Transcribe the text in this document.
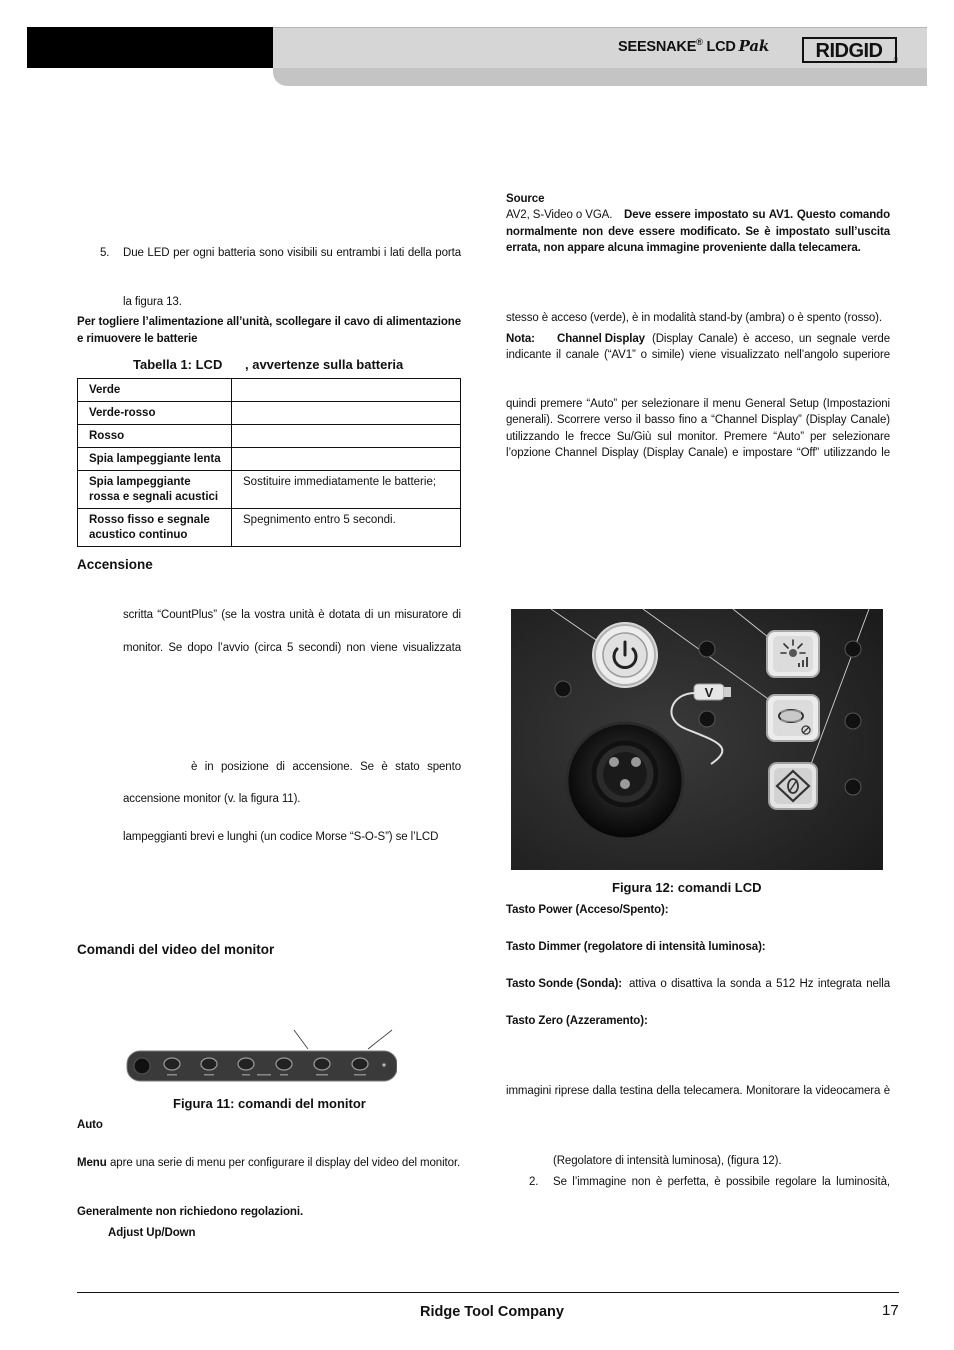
SEESNAKE® LCD Pak RIDGID ®
5. Due LED per ogni batteria sono visibili su entrambi i lati della porta
la figura 13.
Per togliere l’alimentazione all’unità, scollegare il cavo di alimentazione
e rimuovere le batterie
Tabella 1: LCD , avvertenze sulla batteria
Verde	
Verde-rosso	
Rosso	
Spia lampeggiante lenta	
Spia lampeggiante rossa e segnali acustici	Sostituire immediatamente le batterie;
Rosso fisso e segnale acustico continuo	Spegnimento entro 5 secondi.
Accensione
scritta “CountPlus” (se la vostra unità è dotata di un misuratore di
monitor. Se dopo l’avvio (circa 5 secondi) non viene visualizzata
è in posizione di accensione. Se è stato spento
accensione monitor (v. la figura 11).
lampeggianti brevi e lunghi (un codice Morse “S-O-S”) se l’LCD
Comandi del video del monitor
Figura 11: comandi del monitor
Auto
Menu apre una serie di menu per configurare il display del video del monitor.
Generalmente non richiedono regolazioni.
Adjust Up/Down
Source
AV2, S-Video o VGA. Deve essere impostato su AV1. Questo comando
normalmente non deve essere modificato. Se è impostato sull’uscita
errata, non appare alcuna immagine proveniente dalla telecamera.
stesso è acceso (verde), è in modalità stand-by (ambra) o è spento (rosso).
Nota: Channel Display (Display Canale) è acceso, un segnale verde
indicante il canale (“AV1” o simile) viene visualizzato nell’angolo superiore
quindi premere “Auto” per selezionare il menu General Setup (Impostazioni
generali). Scorrere verso il basso fino a “Channel Display” (Display Canale)
utilizzando le frecce Su/Giù sul monitor. Premere “Auto” per selezionare
l’opzione Channel Display (Display Canale) e impostare “Off” utilizzando le
V
Figura 12: comandi LCD
Tasto Power (Acceso/Spento):
Tasto Dimmer (regolatore di intensità luminosa):
Tasto Sonde (Sonda): attiva o disattiva la sonda a 512 Hz integrata nella
Tasto Zero (Azzeramento):
immagini riprese dalla testina della telecamera. Monitorare la videocamera è
(Regolatore di intensità luminosa), (figura 12).
2. Se l’immagine non è perfetta, è possibile regolare la luminosità,
Ridge Tool Company	17
